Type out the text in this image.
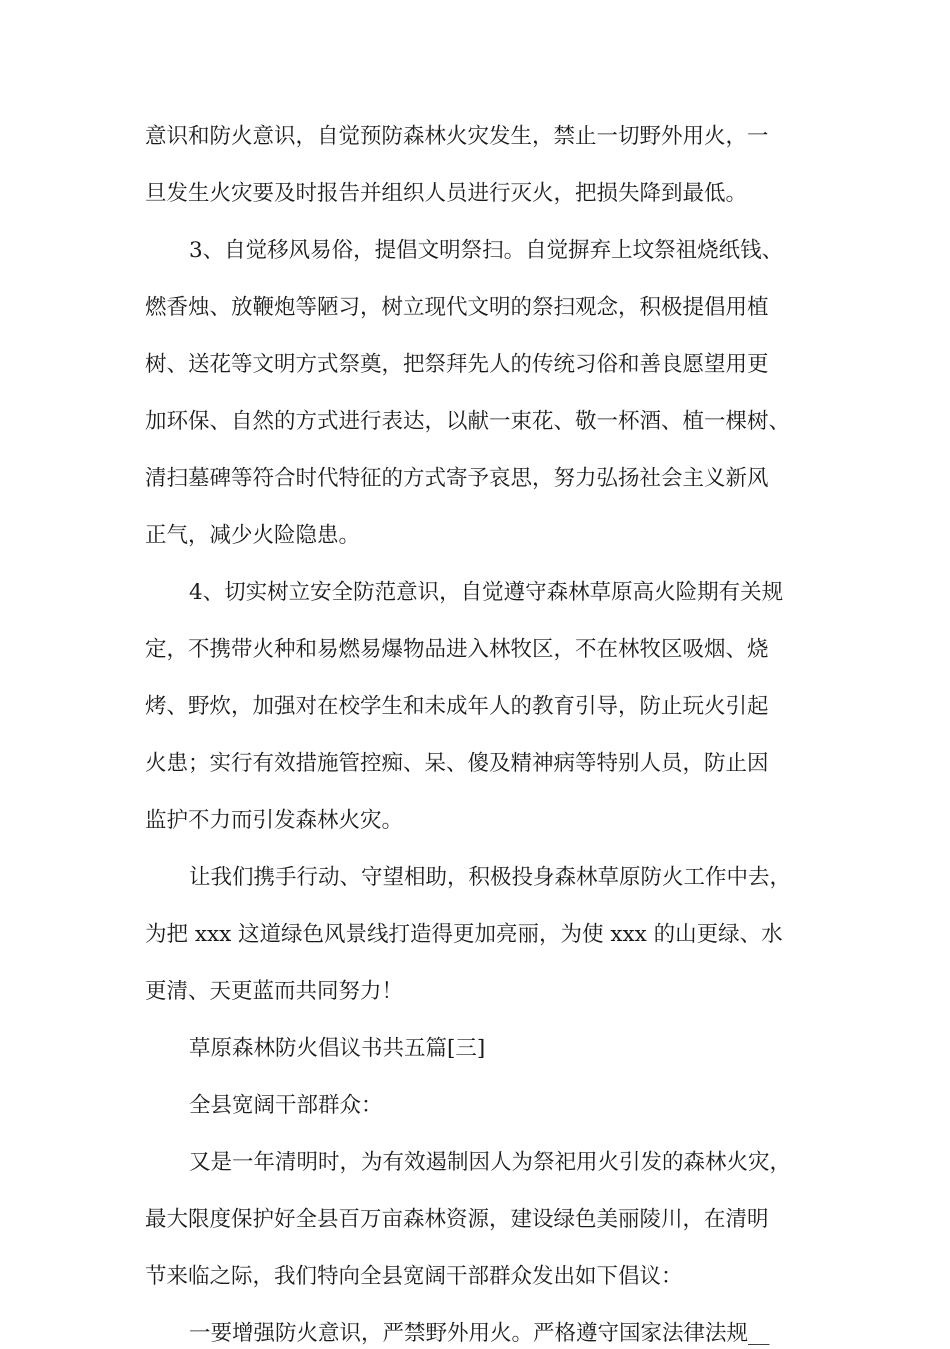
意识和防火意识，自觉预防森林火灾发生，禁止一切野外用火，一
旦发生火灾要及时报告并组织人员进行灭火，把损失降到最低。
3、自觉移风易俗，提倡文明祭扫。自觉摒弃上坟祭祖烧纸钱、
燃香烛、放鞭炮等陋习，树立现代文明的祭扫观念，积极提倡用植
树、送花等文明方式祭奠，把祭拜先人的传统习俗和善良愿望用更
加环保、自然的方式进行表达，以献一束花、敬一杯酒、植一棵树、
清扫墓碑等符合时代特征的方式寄予哀思，努力弘扬社会主义新风
正气，减少火险隐患。
4、切实树立安全防范意识，自觉遵守森林草原高火险期有关规
定，不携带火种和易燃易爆物品进入林牧区，不在林牧区吸烟、烧
烤、野炊，加强对在校学生和未成年人的教育引导，防止玩火引起
火患；实行有效措施管控痴、呆、傻及精神病等特别人员，防止因
监护不力而引发森林火灾。
让我们携手行动、守望相助，积极投身森林草原防火工作中去，
为把 xxx 这道绿色风景线打造得更加亮丽，为使 xxx 的山更绿、水
更清、天更蓝而共同努力！
草原森林防火倡议书共五篇[三]
全县宽阔干部群众：
又是一年清明时，为有效遏制因人为祭祀用火引发的森林火灾，
最大限度保护好全县百万亩森林资源，建设绿色美丽陵川，在清明
节来临之际，我们特向全县宽阔干部群众发出如下倡议：
一要增强防火意识，严禁野外用火。严格遵守国家法律法规__
